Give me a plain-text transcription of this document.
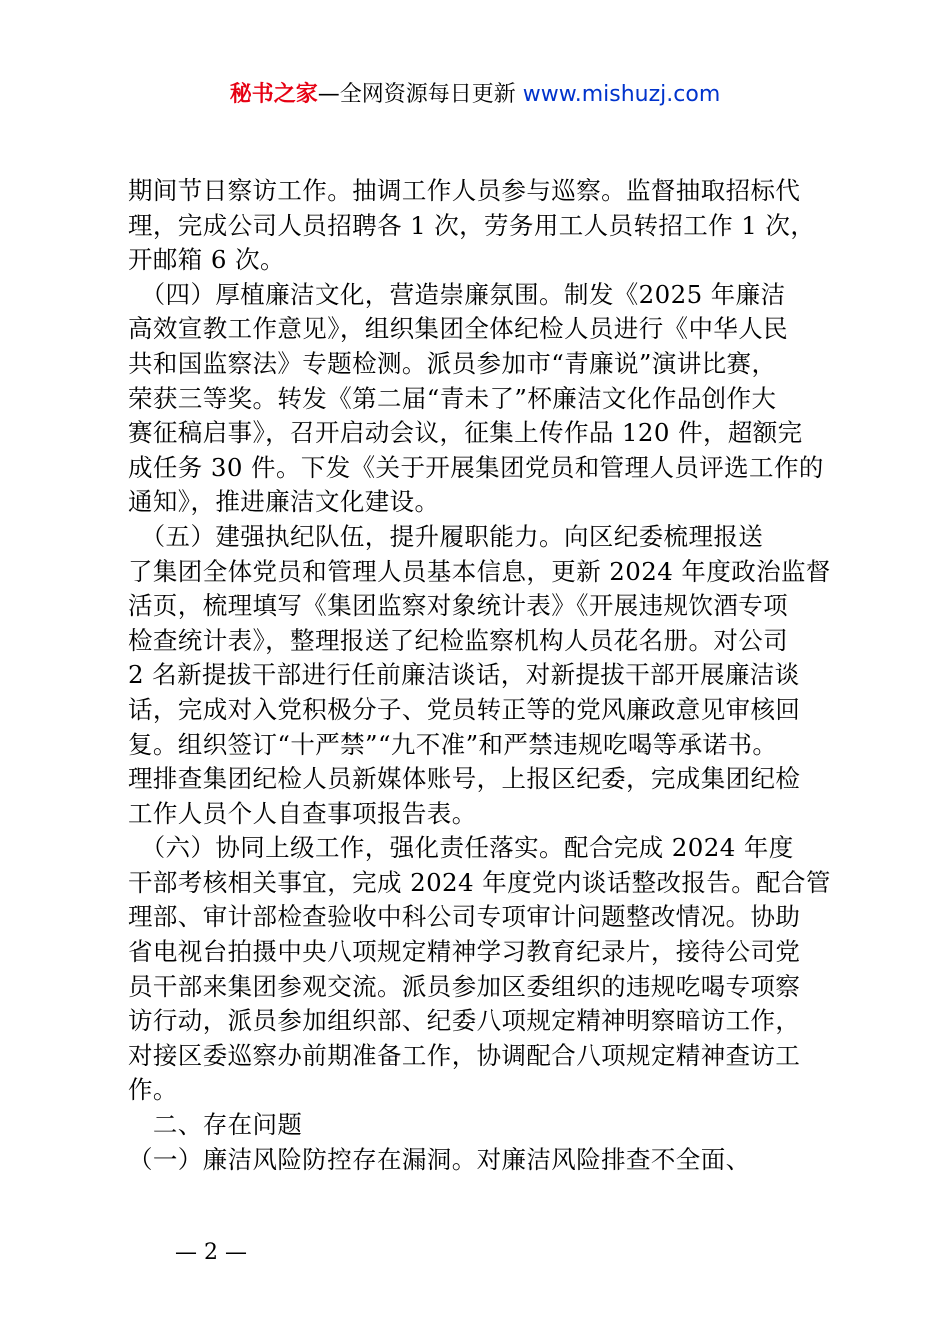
秘书之家—全网资源每日更新 www.mishuzj.com
期间节日察访工作。抽调工作人员参与巡察。监督抽取招标代
理，完成公司人员招聘各 1 次，劳务用工人员转招工作 1 次，
开邮箱 6 次。
　（四）厚植廉洁文化，营造崇廉氛围。制发《2025 年廉洁
高效宣教工作意见》，组织集团全体纪检人员进行《中华人民
共和国监察法》专题检测。派员参加市“青廉说”演讲比赛，
荣获三等奖。转发《第二届“青未了”杯廉洁文化作品创作大
赛征稿启事》，召开启动会议，征集上传作品 120 件，超额完
成任务 30 件。下发《关于开展集团党员和管理人员评选工作的
通知》，推进廉洁文化建设。
　（五）建强执纪队伍，提升履职能力。向区纪委梳理报送
了集团全体党员和管理人员基本信息，更新 2024 年度政治监督
活页，梳理填写《集团监察对象统计表》《开展违规饮酒专项
检查统计表》，整理报送了纪检监察机构人员花名册。对公司
2 名新提拔干部进行任前廉洁谈话，对新提拔干部开展廉洁谈
话，完成对入党积极分子、党员转正等的党风廉政意见审核回
复。组织签订“十严禁”“九不准”和严禁违规吃喝等承诺书。
理排查集团纪检人员新媒体账号，上报区纪委，完成集团纪检
工作人员个人自查事项报告表。
　（六）协同上级工作，强化责任落实。配合完成 2024 年度
干部考核相关事宜，完成 2024 年度党内谈话整改报告。配合管
理部、审计部检查验收中科公司专项审计问题整改情况。协助
省电视台拍摄中央八项规定精神学习教育纪录片，接待公司党
员干部来集团参观交流。派员参加区委组织的违规吃喝专项察
访行动，派员参加组织部、纪委八项规定精神明察暗访工作，
对接区委巡察办前期准备工作，协调配合八项规定精神查访工
作。
　二、存在问题
（一）廉洁风险防控存在漏洞。对廉洁风险排查不全面、
— 2 —
